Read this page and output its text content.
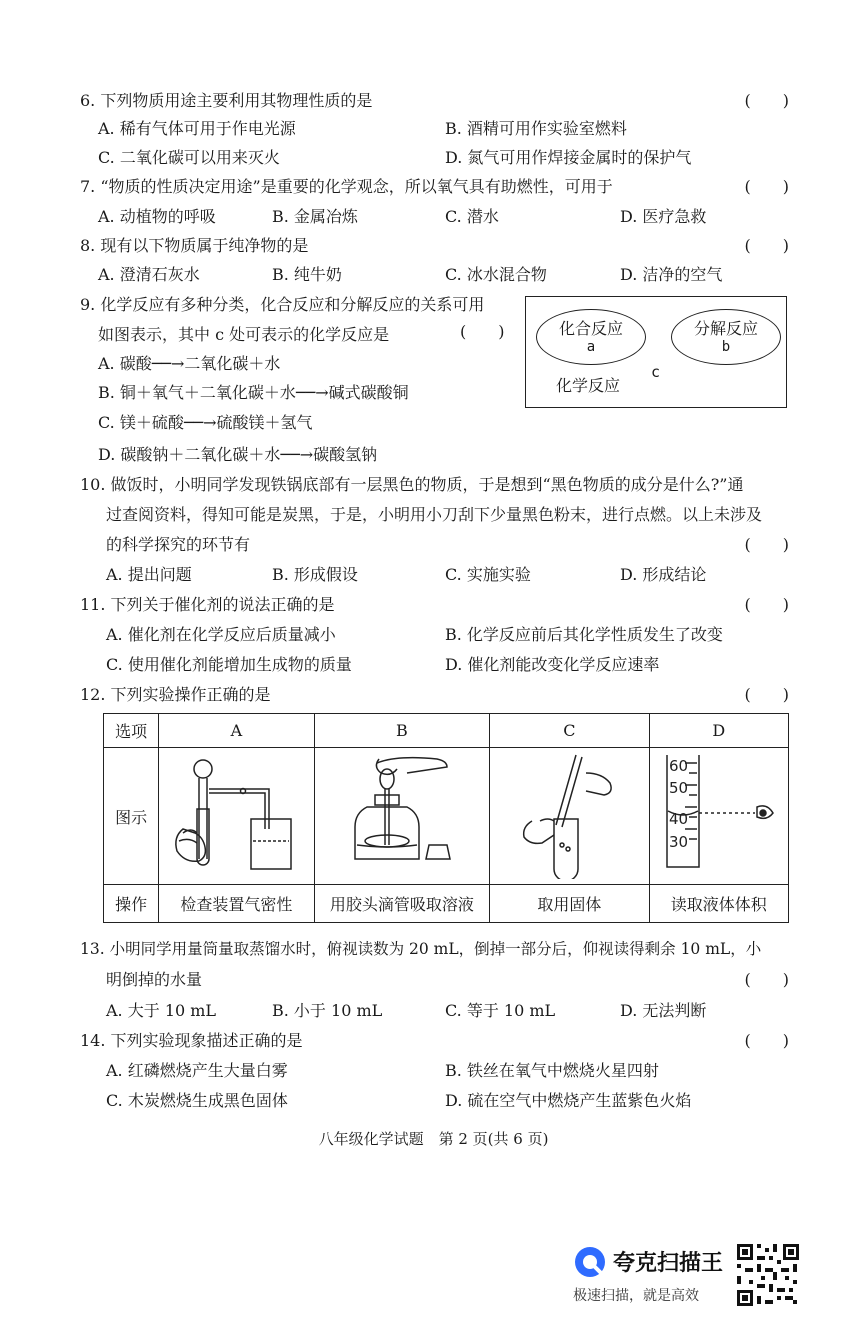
6. 下列物质用途主要利用其物理性质的是	(　　)
A. 稀有气体可用于作电光源	B. 酒精可用作实验室燃料
C. 二氧化碳可以用来灭火	D. 氮气可用作焊接金属时的保护气
7. “物质的性质决定用途”是重要的化学观念，所以氧气具有助燃性，可用于	(　　)
A. 动植物的呼吸	B. 金属冶炼	C. 潜水	D. 医疗急救
8. 现有以下物质属于纯净物的是	(　　)
A. 澄清石灰水	B. 纯牛奶	C. 冰水混合物	D. 洁净的空气
9. 化学反应有多种分类，化合反应和分解反应的关系可用
如图表示，其中 c 处可表示的化学反应是	(　　)
A. 碳酸──→二氧化碳＋水
B. 铜＋氧气＋二氧化碳＋水──→碱式碳酸铜
C. 镁＋硫酸──→硫酸镁＋氢气
D. 碳酸钠＋二氧化碳＋水──→碳酸氢钠
化合反应
a
分解反应
b
化学反应
c
10. 做饭时，小明同学发现铁锅底部有一层黑色的物质，于是想到“黑色物质的成分是什么?”通
过查阅资料，得知可能是炭黑，于是，小明用小刀刮下少量黑色粉末，进行点燃。以上未涉及
的科学探究的环节有	(　　)
A. 提出问题	B. 形成假设	C. 实施实验	D. 形成结论
11. 下列关于催化剂的说法正确的是	(　　)
A. 催化剂在化学反应后质量减小	B. 化学反应前后其化学性质发生了改变
C. 使用催化剂能增加生成物的质量	D. 催化剂能改变化学反应速率
12. 下列实验操作正确的是	(　　)
选项	A	B	C	D
图示				60
50
40
30

操作	检查装置气密性	用胶头滴管吸取溶液	取用固体	读取液体体积
13. 小明同学用量筒量取蒸馏水时，俯视读数为 20 mL，倒掉一部分后，仰视读得剩余 10 mL，小
明倒掉的水量	(　　)
A. 大于 10 mL	B. 小于 10 mL	C. 等于 10 mL	D. 无法判断
14. 下列实验现象描述正确的是	(　　)
A. 红磷燃烧产生大量白雾	B. 铁丝在氧气中燃烧火星四射
C. 木炭燃烧生成黑色固体	D. 硫在空气中燃烧产生蓝紫色火焰
八年级化学试题　第 2 页(共 6 页)
夸克扫描王
极速扫描，就是高效
